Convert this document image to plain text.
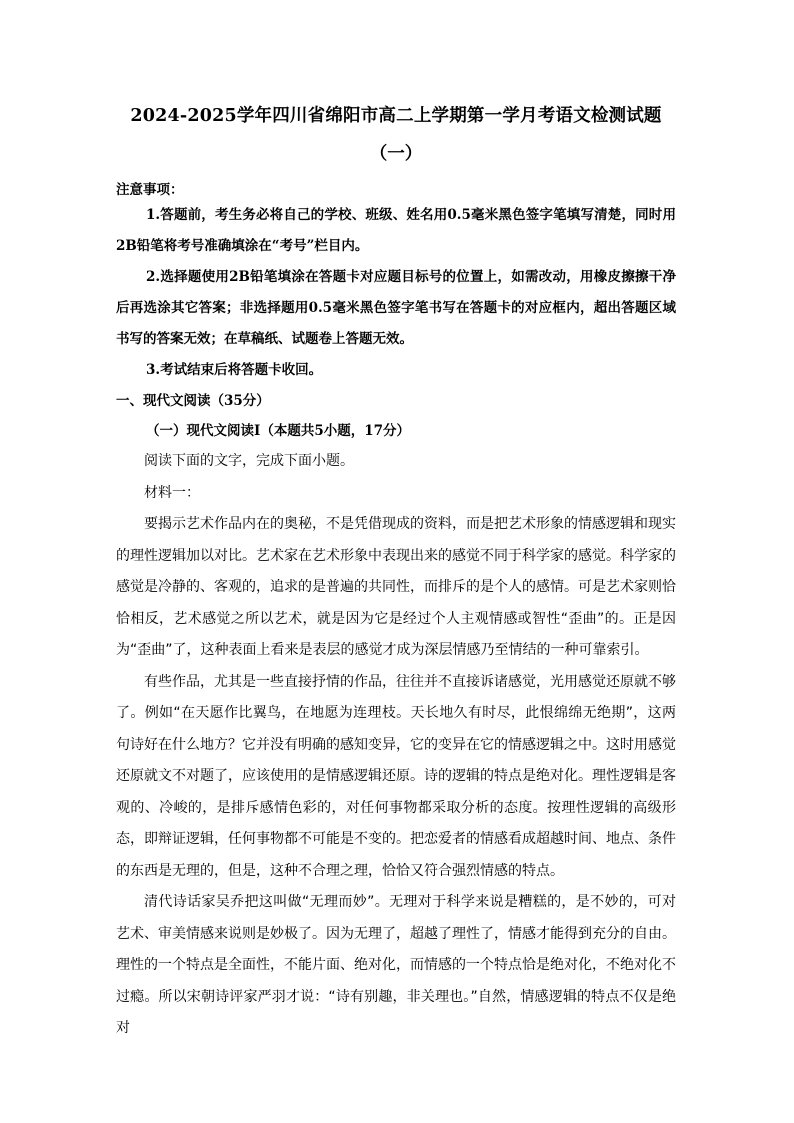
2024-2025学年四川省绵阳市高二上学期第一学月考语文检测试题
（一）
注意事项：

1.答题前，考生务必将自己的学校、班级、姓名用0.5毫米黑色签字笔填写清楚，同时用2B铅笔将考号准确填涂在“考号”栏目内。

2.选择题使用2B铅笔填涂在答题卡对应题目标号的位置上，如需改动，用橡皮擦擦干净后再选涂其它答案；非选择题用0.5毫米黑色签字笔书写在答题卡的对应框内，超出答题区域书写的答案无效；在草稿纸、试题卷上答题无效。

3.考试结束后将答题卡收回。

一、现代文阅读（35分）

（一）现代文阅读Ⅰ（本题共5小题，17分）

阅读下面的文字，完成下面小题。

材料一：

要揭示艺术作品内在的奥秘，不是凭借现成的资料，而是把艺术形象的情感逻辑和现实的理性逻辑加以对比。艺术家在艺术形象中表现出来的感觉不同于科学家的感觉。科学家的感觉是冷静的、客观的，追求的是普遍的共同性，而排斥的是个人的感情。可是艺术家则恰恰相反，艺术感觉之所以艺术，就是因为它是经过个人主观情感或智性“歪曲”的。正是因为“歪曲”了，这种表面上看来是表层的感觉才成为深层情感乃至情结的一种可靠索引。

有些作品，尤其是一些直接抒情的作品，往往并不直接诉诸感觉，光用感觉还原就不够了。例如“在天愿作比翼鸟，在地愿为连理枝。天长地久有时尽，此恨绵绵无绝期”，这两句诗好在什么地方？它并没有明确的感知变异，它的变异在它的情感逻辑之中。这时用感觉还原就文不对题了，应该使用的是情感逻辑还原。诗的逻辑的特点是绝对化。理性逻辑是客观的、冷峻的，是排斥感情色彩的，对任何事物都采取分析的态度。按理性逻辑的高级形态，即辩证逻辑，任何事物都不可能是不变的。把恋爱者的情感看成超越时间、地点、条件的东西是无理的，但是，这种不合理之理，恰恰又符合强烈情感的特点。

清代诗话家吴乔把这叫做“无理而妙”。无理对于科学来说是糟糕的，是不妙的，可对艺术、审美情感来说则是妙极了。因为无理了，超越了理性了，情感才能得到充分的自由。理性的一个特点是全面性，不能片面、绝对化，而情感的一个特点恰是绝对化，不绝对化不过瘾。所以宋朝诗评家严羽才说：“诗有别趣，非关理也。”自然，情感逻辑的特点不仅是绝对
